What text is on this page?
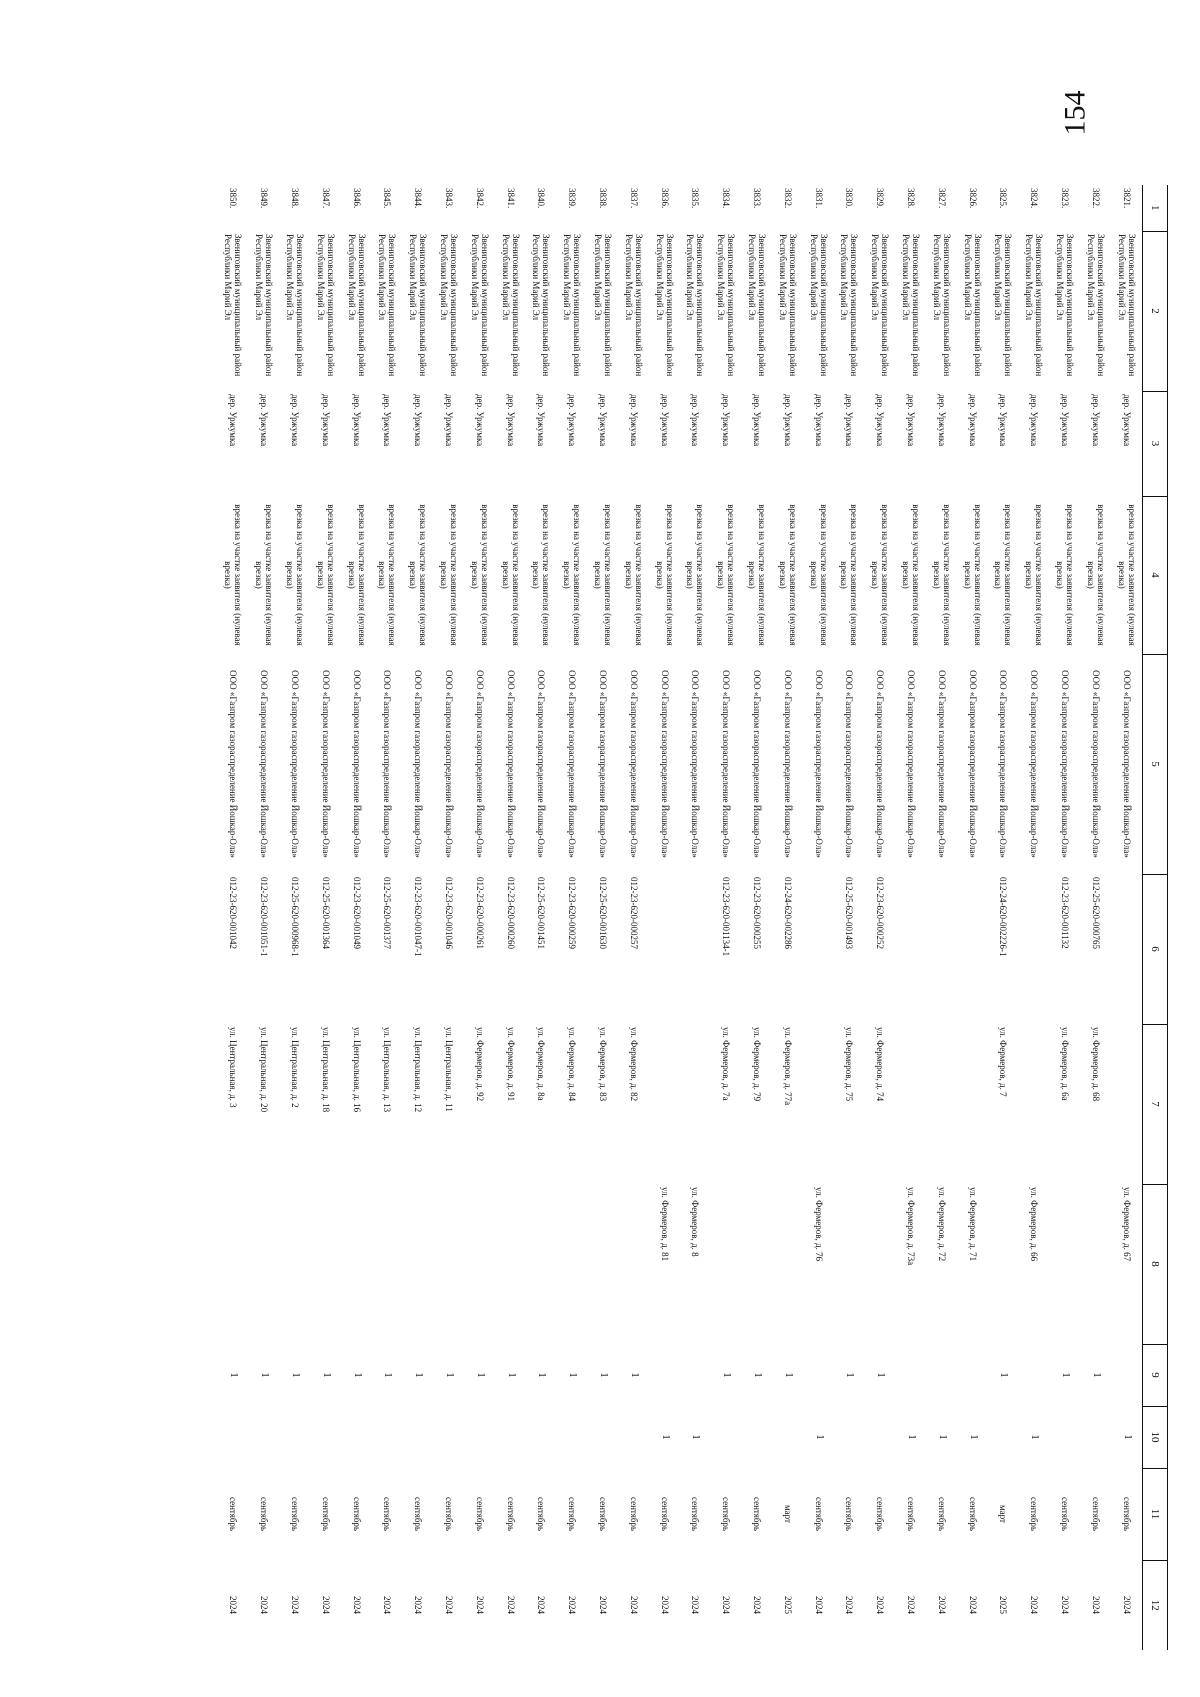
154
1	2	3	4	5	6	7	8	9	10	11	12
3821.	Звениговский муниципальный район Республики Марий Эл	дер. Уржумка	врезка на участке заявителя (нулевая врезка)	ООО «Газпром газораспределение Йошкар-Ола»			ул. Фермеров, д. 67		1	сентябрь	2024
3822.	Звениговский муниципальный район Республики Марий Эл	дер. Уржумка	врезка на участке заявителя (нулевая врезка)	ООО «Газпром газораспределение Йошкар-Ола»	012-25-620-000765	ул. Фермеров, д. 68		1		сентябрь	2024
3823.	Звениговский муниципальный район Республики Марий Эл	дер. Уржумка	врезка на участке заявителя (нулевая врезка)	ООО «Газпром газораспределение Йошкар-Ола»	012-23-620-001132	ул. Фермеров, д. 6а		1		сентябрь	2024
3824.	Звениговский муниципальный район Республики Марий Эл	дер. Уржумка	врезка на участке заявителя (нулевая врезка)	ООО «Газпром газораспределение Йошкар-Ола»			ул. Фермеров, д. 66		1	сентябрь	2024
3825.	Звениговский муниципальный район Республики Марий Эл	дер. Уржумка	врезка на участке заявителя (нулевая врезка)	ООО «Газпром газораспределение Йошкар-Ола»	012-24-620-002226-1	ул. Фермеров, д. 7		1		март	2025
3826.	Звениговский муниципальный район Республики Марий Эл	дер. Уржумка	врезка на участке заявителя (нулевая врезка)	ООО «Газпром газораспределение Йошкар-Ола»			ул. Фермеров, д. 71		1	сентябрь	2024
3827.	Звениговский муниципальный район Республики Марий Эл	дер. Уржумка	врезка на участке заявителя (нулевая врезка)	ООО «Газпром газораспределение Йошкар-Ола»			ул. Фермеров, д. 72		1	сентябрь	2024
3828.	Звениговский муниципальный район Республики Марий Эл	дер. Уржумка	врезка на участке заявителя (нулевая врезка)	ООО «Газпром газораспределение Йошкар-Ола»			ул. Фермеров, д. 73а		1	сентябрь	2024
3829.	Звениговский муниципальный район Республики Марий Эл	дер. Уржумка	врезка на участке заявителя (нулевая врезка)	ООО «Газпром газораспределение Йошкар-Ола»	012-23-620-000252	ул. Фермеров, д. 74		1		сентябрь	2024
3830.	Звениговский муниципальный район Республики Марий Эл	дер. Уржумка	врезка на участке заявителя (нулевая врезка)	ООО «Газпром газораспределение Йошкар-Ола»	012-25-620-001493	ул. Фермеров, д. 75		1		сентябрь	2024
3831.	Звениговский муниципальный район Республики Марий Эл	дер. Уржумка	врезка на участке заявителя (нулевая врезка)	ООО «Газпром газораспределение Йошкар-Ола»			ул. Фермеров, д. 76		1	сентябрь	2024
3832.	Звениговский муниципальный район Республики Марий Эл	дер. Уржумка	врезка на участке заявителя (нулевая врезка)	ООО «Газпром газораспределение Йошкар-Ола»	012-24-620-002286	ул. Фермеров, д. 77а		1		март	2025
3833.	Звениговский муниципальный район Республики Марий Эл	дер. Уржумка	врезка на участке заявителя (нулевая врезка)	ООО «Газпром газораспределение Йошкар-Ола»	012-23-620-000255	ул. Фермеров, д. 79		1		сентябрь	2024
3834.	Звениговский муниципальный район Республики Марий Эл	дер. Уржумка	врезка на участке заявителя (нулевая врезка)	ООО «Газпром газораспределение Йошкар-Ола»	012-23-620-001134-1	ул. Фермеров, д. 7а		1		сентябрь	2024
3835.	Звениговский муниципальный район Республики Марий Эл	дер. Уржумка	врезка на участке заявителя (нулевая врезка)	ООО «Газпром газораспределение Йошкар-Ола»			ул. Фермеров, д. 8		1	сентябрь	2024
3836.	Звениговский муниципальный район Республики Марий Эл	дер. Уржумка	врезка на участке заявителя (нулевая врезка)	ООО «Газпром газораспределение Йошкар-Ола»			ул. Фермеров, д. 81		1	сентябрь	2024
3837.	Звениговский муниципальный район Республики Марий Эл	дер. Уржумка	врезка на участке заявителя (нулевая врезка)	ООО «Газпром газораспределение Йошкар-Ола»	012-23-620-000257	ул. Фермеров, д. 82		1		сентябрь	2024
3838.	Звениговский муниципальный район Республики Марий Эл	дер. Уржумка	врезка на участке заявителя (нулевая врезка)	ООО «Газпром газораспределение Йошкар-Ола»	012-25-620-001630	ул. Фермеров, д. 83		1		сентябрь	2024
3839.	Звениговский муниципальный район Республики Марий Эл	дер. Уржумка	врезка на участке заявителя (нулевая врезка)	ООО «Газпром газораспределение Йошкар-Ола»	012-23-620-000259	ул. Фермеров, д. 84		1		сентябрь	2024
3840.	Звениговский муниципальный район Республики Марий Эл	дер. Уржумка	врезка на участке заявителя (нулевая врезка)	ООО «Газпром газораспределение Йошкар-Ола»	012-25-620-001451	ул. Фермеров, д. 8а		1		сентябрь	2024
3841.	Звениговский муниципальный район Республики Марий Эл	дер. Уржумка	врезка на участке заявителя (нулевая врезка)	ООО «Газпром газораспределение Йошкар-Ола»	012-23-620-000260	ул. Фермеров, д. 91		1		сентябрь	2024
3842.	Звениговский муниципальный район Республики Марий Эл	дер. Уржумка	врезка на участке заявителя (нулевая врезка)	ООО «Газпром газораспределение Йошкар-Ола»	012-23-620-000261	ул. Фермеров, д. 92		1		сентябрь	2024
3843.	Звениговский муниципальный район Республики Марий Эл	дер. Уржумка	врезка на участке заявителя (нулевая врезка)	ООО «Газпром газораспределение Йошкар-Ола»	012-23-620-001046	ул. Центральная, д. 11		1		сентябрь	2024
3844.	Звениговский муниципальный район Республики Марий Эл	дер. Уржумка	врезка на участке заявителя (нулевая врезка)	ООО «Газпром газораспределение Йошкар-Ола»	012-23-620-001047-1	ул. Центральная, д. 12		1		сентябрь	2024
3845.	Звениговский муниципальный район Республики Марий Эл	дер. Уржумка	врезка на участке заявителя (нулевая врезка)	ООО «Газпром газораспределение Йошкар-Ола»	012-25-620-001377	ул. Центральная, д. 13		1		сентябрь	2024
3846.	Звениговский муниципальный район Республики Марий Эл	дер. Уржумка	врезка на участке заявителя (нулевая врезка)	ООО «Газпром газораспределение Йошкар-Ола»	012-23-620-001049	ул. Центральная, д. 16		1		сентябрь	2024
3847.	Звениговский муниципальный район Республики Марий Эл	дер. Уржумка	врезка на участке заявителя (нулевая врезка)	ООО «Газпром газораспределение Йошкар-Ола»	012-25-620-001364	ул. Центральная, д. 18		1		сентябрь	2024
3848.	Звениговский муниципальный район Республики Марий Эл	дер. Уржумка	врезка на участке заявителя (нулевая врезка)	ООО «Газпром газораспределение Йошкар-Ола»	012-25-620-000968-1	ул. Центральная, д. 2		1		сентябрь	2024
3849.	Звениговский муниципальный район Республики Марий Эл	дер. Уржумка	врезка на участке заявителя (нулевая врезка)	ООО «Газпром газораспределение Йошкар-Ола»	012-23-620-001051-1	ул. Центральная, д. 20		1		сентябрь	2024
3850.	Звениговский муниципальный район Республики Марий Эл	дер. Уржумка	врезка на участке заявителя (нулевая врезка)	ООО «Газпром газораспределение Йошкар-Ола»	012-23-620-001042	ул. Центральная, д. 3		1		сентябрь	2024
